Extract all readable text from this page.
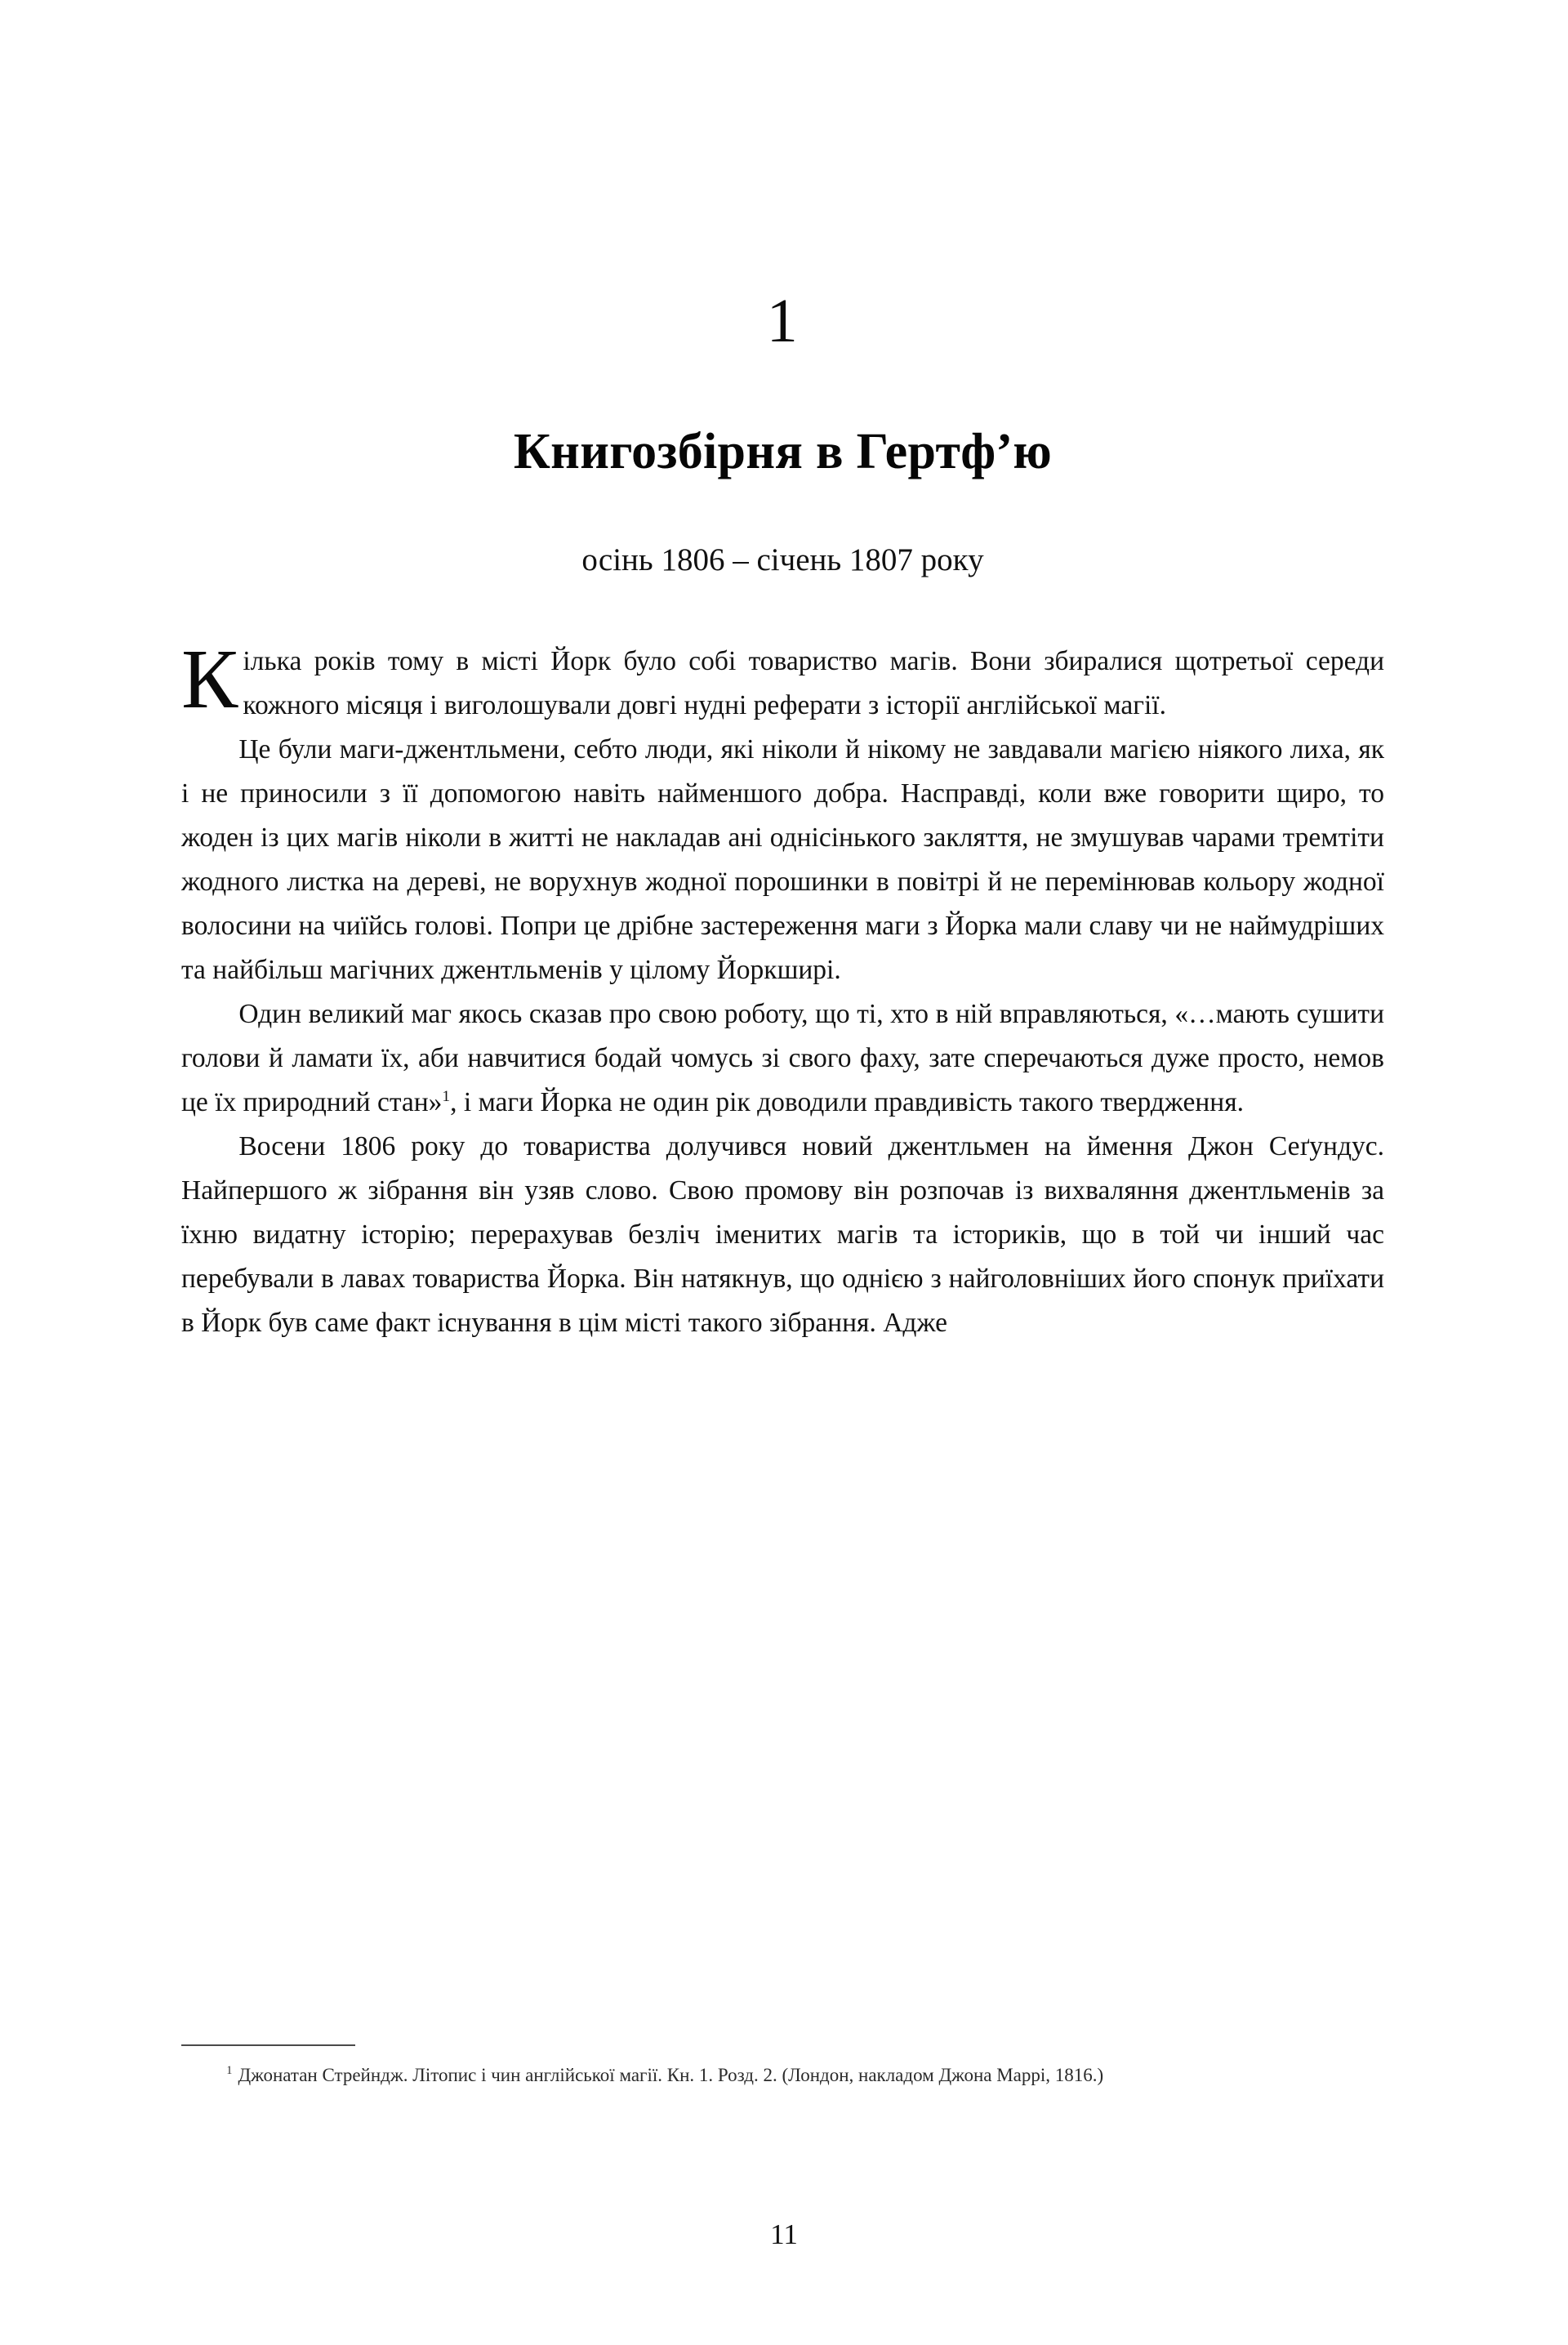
1
Книгозбірня в Гертф’ю
осінь 1806 – січень 1807 року

Кілька років тому в місті Йорк було собі товариство магів. Вони збиралися щотретьої середи кожного місяця і виголошували довгі нудні реферати з історії англійської магії.

Це були маги-джентльмени, себто люди, які ніколи й нікому не завдавали магією ніякого лиха, як і не приносили з її допомогою навіть найменшого добра. Насправді, коли вже говорити щиро, то жоден із цих магів ніколи в житті не накладав ані однісінького закляття, не змушував чарами тремтіти жодного листка на дереві, не ворухнув жодної порошинки в повітрі й не перемінював кольору жодної волосини на чиїйсь голові. Попри це дрібне застереження маги з Йорка мали славу чи не наймудріших та найбільш магічних джентльменів у цілому Йоркширі.

Один великий маг якось сказав про свою роботу, що ті, хто в ній вправляються, «…мають сушити голови й ламати їх, аби навчитися бодай чомусь зі свого фаху, зате сперечаються дуже просто, немов це їх природний стан»$^1$, і маги Йорка не один рік доводили правдивість такого твердження.

Восени 1806 року до товариства долучився новий джентльмен на ймення Джон Сеґундус. Найпершого ж зібрання він узяв слово. Свою промову він розпочав із вихваляння джентльменів за їхню видатну історію; перерахував безліч іменитих магів та істориків, що в той чи інший час перебували в лавах товариства Йорка. Він натякнув, що однією з найголовніших його спонук приїхати в Йорк був саме факт існування в цім місті такого зібрання. Адже

$^1$ Джонатан Стрейндж. Літопис і чин англійської магії. Кн. 1. Розд. 2. (Лондон, накладом Джона Маррі, 1816.)
11
